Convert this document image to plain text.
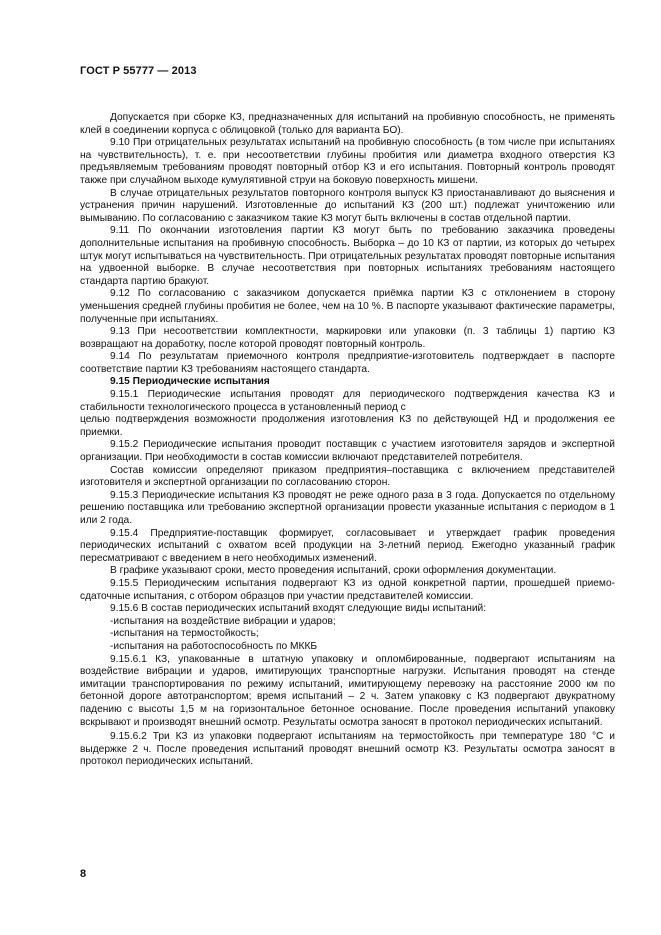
ГОСТ Р 55777 — 2013

Допускается при сборке КЗ, предназначенных для испытаний на пробивную способность, не применять клей в соединении корпуса с облицовкой (только для варианта БО).

9.10 При отрицательных результатах испытаний на пробивную способность (в том числе при испытаниях на чувствительность), т. е. при несоответствии глубины пробития или диаметра входного отверстия КЗ предъявляемым требованиям проводят повторный отбор КЗ и его испытания. Повторный контроль проводят также при случайном выходе кумулятивной струи на боковую поверхность мишени.

В случае отрицательных результатов повторного контроля выпуск КЗ приостанавливают до выяснения и устранения причин нарушений. Изготовленные до испытаний КЗ (200 шт.) подлежат уничтожению или вымыванию. По согласованию с заказчиком такие КЗ могут быть включены в состав отдельной партии.

9.11 По окончании изготовления партии КЗ могут быть по требованию заказчика проведены дополнительные испытания на пробивную способность. Выборка – до 10 КЗ от партии, из которых до четырех штук могут испытываться на чувствительность. При отрицательных результатах проводят повторные испытания на удвоенной выборке. В случае несоответствия при повторных испытаниях требованиям настоящего стандарта партию бракуют.

9.12 По согласованию с заказчиком допускается приёмка партии КЗ с отклонением в сторону уменьшения средней глубины пробития не более, чем на 10 %. В паспорте указывают фактические параметры, полученные при испытаниях.

9.13 При несоответствии комплектности, маркировки или упаковки (п. 3 таблицы 1) партию КЗ возвращают на доработку, после которой проводят повторный контроль.

9.14 По результатам приемочного контроля предприятие-изготовитель подтверждает в паспорте соответствие партии КЗ требованиям настоящего стандарта.

9.15 Периодические испытания

9.15.1 Периодические испытания проводят для периодического подтверждения качества КЗ и стабильности технологического процесса в установленный период с

целью подтверждения возможности продолжения изготовления КЗ по действующей НД и продолжения ее приемки.

9.15.2 Периодические испытания проводит поставщик с участием изготовителя зарядов и экспертной организации. При необходимости в состав комиссии включают представителей потребителя.

Состав комиссии определяют приказом предприятия–поставщика с включением представителей изготовителя и экспертной организации по согласованию сторон.

9.15.3 Периодические испытания КЗ проводят не реже одного раза в 3 года. Допускается по отдельному решению поставщика или требованию экспертной организации провести указанные испытания с периодом в 1 или 2 года.

9.15.4 Предприятие-поставщик формирует, согласовывает и утверждает график проведения периодических испытаний с охватом всей продукции на 3-летний период. Ежегодно указанный график пересматривают с введением в него необходимых изменений.

В графике указывают сроки, место проведения испытаний, сроки оформления документации.

9.15.5 Периодическим испытания подвергают КЗ из одной конкретной партии, прошедшей приемо-сдаточные испытания, с отбором образцов при участии представителей комиссии.

9.15.6 В состав периодических испытаний входят следующие виды испытаний:

-испытания на воздействие вибрации и ударов;

-испытания на термостойкость;

-испытания на работоспособность по МККБ

9.15.6.1 КЗ, упакованные в штатную упаковку и опломбированные, подвергают испытаниям на воздействие вибрации и ударов, имитирующих транспортные нагрузки. Испытания проводят на стенде имитации транспортирования по режиму испытаний, имитирующему перевозку на расстояние 2000 км по бетонной дороге автотранспортом; время испытаний – 2 ч. Затем упаковку с КЗ подвергают двукратному падению с высоты 1,5 м на горизонтальное бетонное основание. После проведения испытаний упаковку вскрывают и производят внешний осмотр. Результаты осмотра заносят в протокол периодических испытаний.

9.15.6.2 Три КЗ из упаковки подвергают испытаниям на термостойкость при температуре 180 °С и выдержке 2 ч. После проведения испытаний проводят внешний осмотр КЗ. Результаты осмотра заносят в протокол периодических испытаний.

8
